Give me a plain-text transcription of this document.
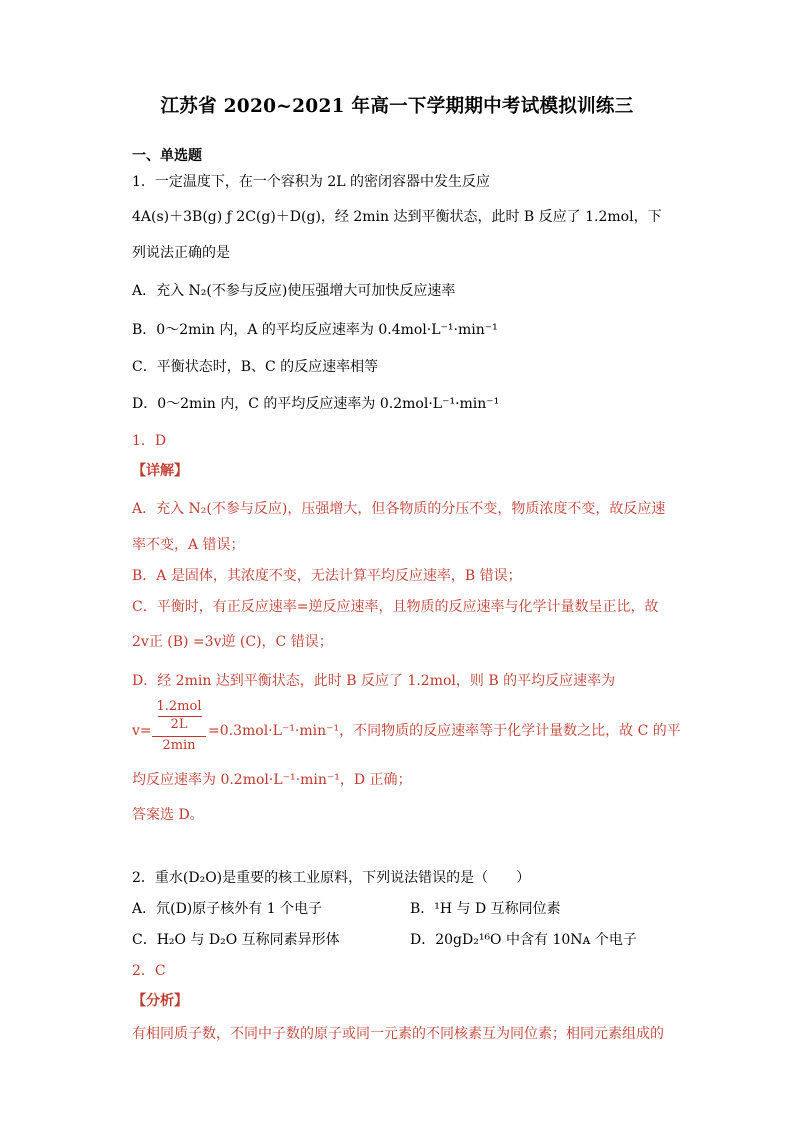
江苏省 2020~2021 年高一下学期期中考试模拟训练三
一、单选题
1．一定温度下，在一个容积为 2L 的密闭容器中发生反应
4A(s)＋3B(g) ƒ 2C(g)＋D(g)，经 2min 达到平衡状态，此时 B 反应了 1.2mol，下
列说法正确的是
A．充入 N₂(不参与反应)使压强增大可加快反应速率
B．0～2min 内，A 的平均反应速率为 0.4mol·L⁻¹·min⁻¹
C．平衡状态时，B、C 的反应速率相等
D．0～2min 内，C 的平均反应速率为 0.2mol·L⁻¹·min⁻¹
1．D
【详解】
A．充入 N₂(不参与反应)，压强增大，但各物质的分压不变，物质浓度不变，故反应速
率不变，A 错误；
B．A 是固体，其浓度不变，无法计算平均反应速率，B 错误；
C．平衡时，有正反应速率=逆反应速率，且物质的反应速率与化学计量数呈正比，故
2v正 (B) =3v逆 (C)，C 错误；
D．经 2min 达到平衡状态，此时 B 反应了 1.2mol，则 B 的平均反应速率为
1.2mol
2L
2min
v=	=0.3mol·L⁻¹·min⁻¹，不同物质的反应速率等于化学计量数之比，故 C 的平
均反应速率为 0.2mol·L⁻¹·min⁻¹，D 正确；
答案选 D。
2．重水(D₂O)是重要的核工业原料，下列说法错误的是（　　）
A．氘(D)原子核外有 1 个电子	B．¹H 与 D 互称同位素
C．H₂O 与 D₂O 互称同素异形体	D．20gD₂¹⁶O 中含有 10Nᴀ 个电子
2．C
【分析】
有相同质子数，不同中子数的原子或同一元素的不同核素互为同位素；相同元素组成的
